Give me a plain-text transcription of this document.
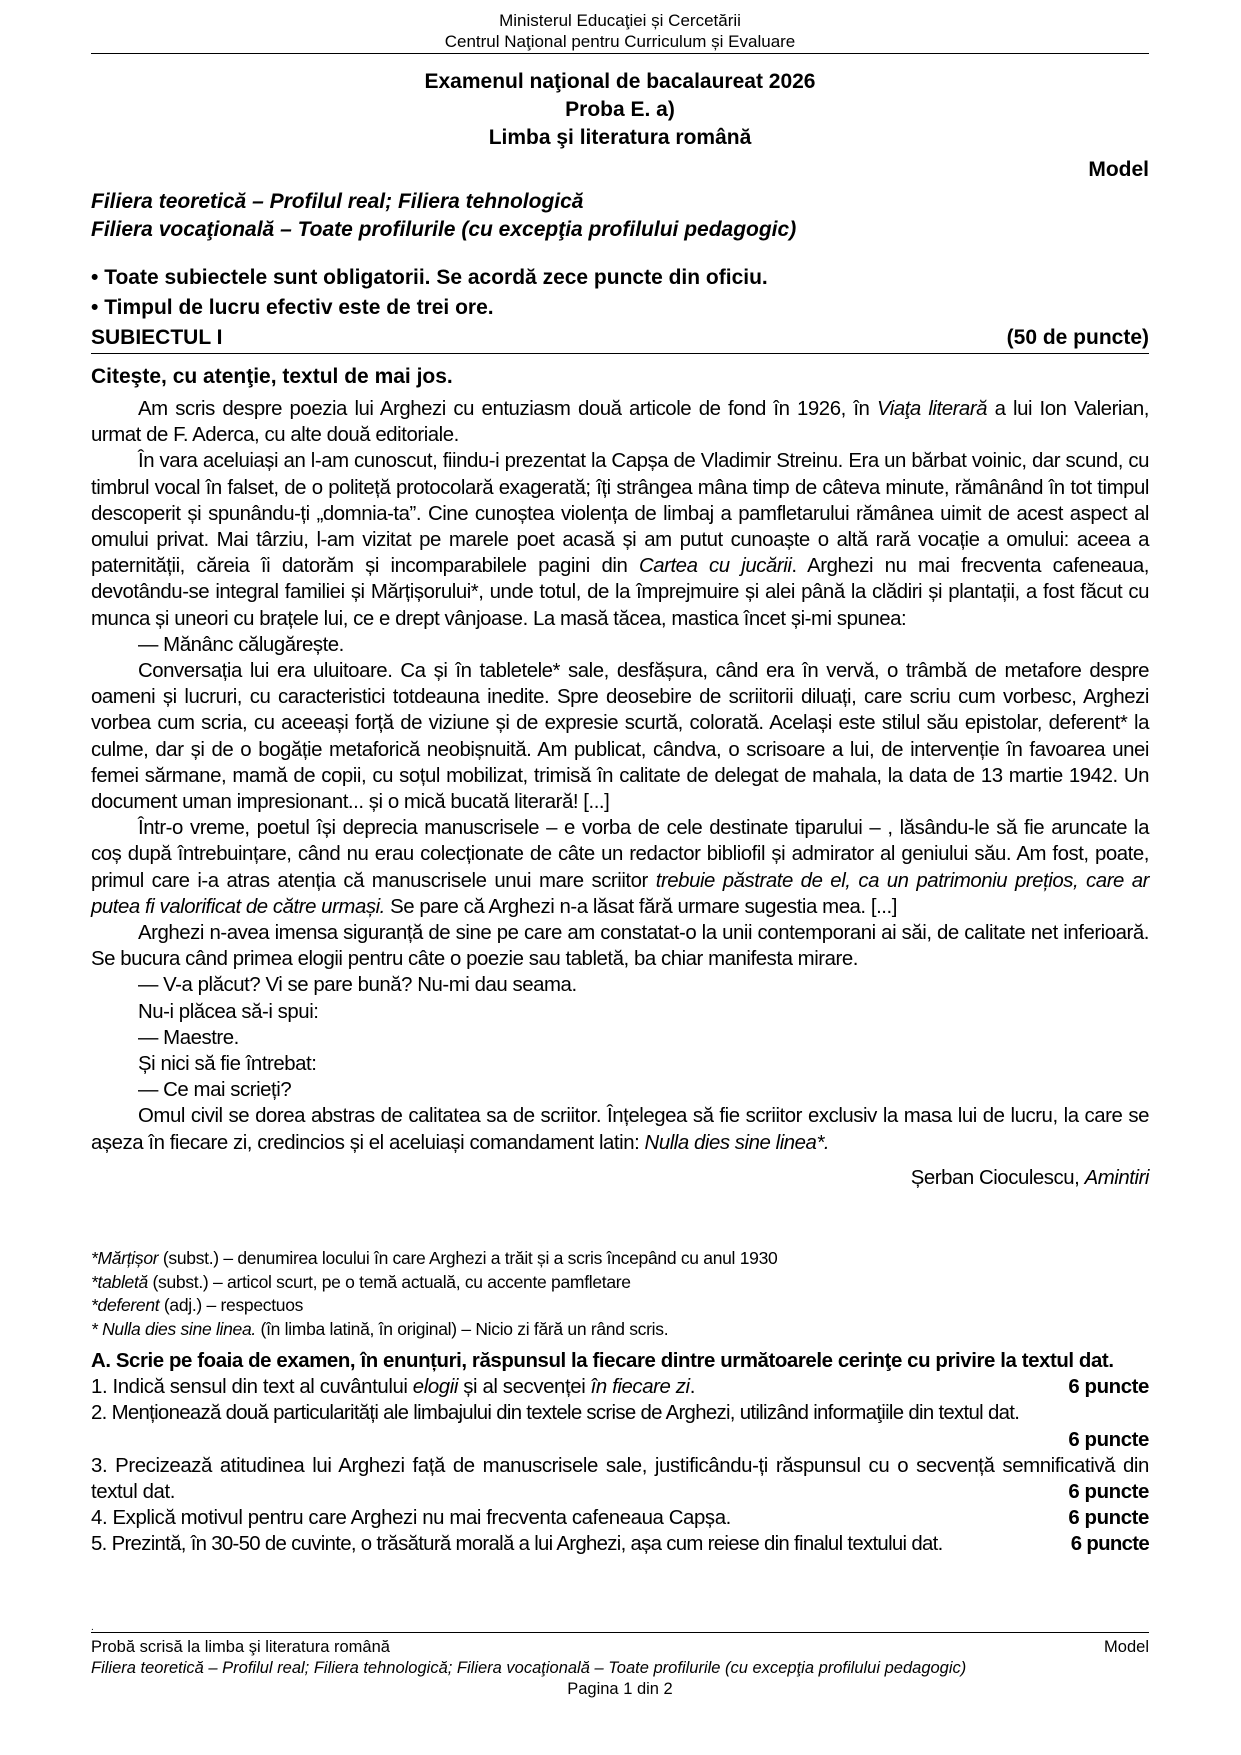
Ministerul Educaţiei și Cercetării
Centrul Naţional pentru Curriculum și Evaluare
Examenul naţional de bacalaureat 2026
Proba E. a)
Limba şi literatura română
Model
Filiera teoretică – Profilul real; Filiera tehnologică
Filiera vocaţională – Toate profilurile (cu excepţia profilului pedagogic)
• Toate subiectele sunt obligatorii. Se acordă zece puncte din oficiu.
• Timpul de lucru efectiv este de trei ore.
SUBIECTUL I	(50 de puncte)
Citeşte, cu atenţie, textul de mai jos.

Am scris despre poezia lui Arghezi cu entuziasm două articole de fond în 1926, în Viaţa literară a lui Ion Valerian, urmat de F. Aderca, cu alte două editoriale.

În vara aceluiași an l-am cunoscut, fiindu-i prezentat la Capșa de Vladimir Streinu. Era un bărbat voinic, dar scund, cu timbrul vocal în falset, de o politeță protocolară exagerată; îți strângea mâna timp de câteva minute, rămânând în tot timpul descoperit și spunându-ți „domnia-ta”. Cine cunoștea violența de limbaj a pamfletarului rămânea uimit de acest aspect al omului privat. Mai târziu, l-am vizitat pe marele poet acasă și am putut cunoaște o altă rară vocație a omului: aceea a paternității, căreia îi datorăm și incomparabilele pagini din Cartea cu jucării. Arghezi nu mai frecventa cafeneaua, devotându-se integral familiei și Mărțișorului*, unde totul, de la împrejmuire și alei până la clădiri și plantații, a fost făcut cu munca și uneori cu brațele lui, ce e drept vânjoase. La masă tăcea, mastica încet și-mi spunea:

— Mănânc călugărește.

Conversația lui era uluitoare. Ca și în tabletele* sale, desfășura, când era în vervă, o trâmbă de metafore despre oameni și lucruri, cu caracteristici totdeauna inedite. Spre deosebire de scriitorii diluați, care scriu cum vorbesc, Arghezi vorbea cum scria, cu aceeași forță de viziune și de expresie scurtă, colorată. Același este stilul său epistolar, deferent* la culme, dar și de o bogăție metaforică neobișnuită. Am publicat, cândva, o scrisoare a lui, de intervenție în favoarea unei femei sărmane, mamă de copii, cu soțul mobilizat, trimisă în calitate de delegat de mahala, la data de 13 martie 1942. Un document uman impresionant... și o mică bucată literară! [...]

Într-o vreme, poetul își deprecia manuscrisele – e vorba de cele destinate tiparului – , lăsându-le să fie aruncate la coș după întrebuințare, când nu erau colecționate de câte un redactor bibliofil și admirator al geniului său. Am fost, poate, primul care i-a atras atenția că manuscrisele unui mare scriitor trebuie păstrate de el, ca un patrimoniu prețios, care ar putea fi valorificat de către urmași. Se pare că Arghezi n-a lăsat fără urmare sugestia mea. [...]

Arghezi n-avea imensa siguranță de sine pe care am constatat-o la unii contemporani ai săi, de calitate net inferioară. Se bucura când primea elogii pentru câte o poezie sau tabletă, ba chiar manifesta mirare.

— V-a plăcut? Vi se pare bună? Nu-mi dau seama.

Nu-i plăcea să-i spui:

— Maestre.

Și nici să fie întrebat:

— Ce mai scrieți?

Omul civil se dorea abstras de calitatea sa de scriitor. Înțelegea să fie scriitor exclusiv la masa lui de lucru, la care se așeza în fiecare zi, credincios și el aceluiași comandament latin: Nulla dies sine linea*.

Șerban Cioculescu, Amintiri

*Mărțișor (subst.) – denumirea locului în care Arghezi a trăit și a scris începând cu anul 1930
*tabletă (subst.) – articol scurt, pe o temă actuală, cu accente pamfletare
*deferent (adj.) – respectuos
* Nulla dies sine linea. (în limba latină, în original) – Nicio zi fără un rând scris.
A. Scrie pe foaia de examen, în enunțuri, răspunsul la fiecare dintre următoarele cerinţe cu privire la textul dat.
1. Indică sensul din text al cuvântului elogii și al secvenței în fiecare zi.	6 puncte
2. Menționează două particularități ale limbajului din textele scrise de Arghezi, utilizând informaţiile din textul dat.
6 puncte
3. Precizează atitudinea lui Arghezi față de manuscrisele sale, justificându-ți răspunsul cu o secvență semnificativă din textul dat.	6 puncte
4. Explică motivul pentru care Arghezi nu mai frecventa cafeneaua Capșa.	6 puncte
5. Prezintă, în 30-50 de cuvinte, o trăsătură morală a lui Arghezi, așa cum reiese din finalul textului dat.	6 puncte
.
Probă scrisă la limba şi literatura română	Model
Filiera teoretică – Profilul real; Filiera tehnologică; Filiera vocaţională – Toate profilurile (cu excepţia profilului pedagogic)
Pagina 1 din 2
